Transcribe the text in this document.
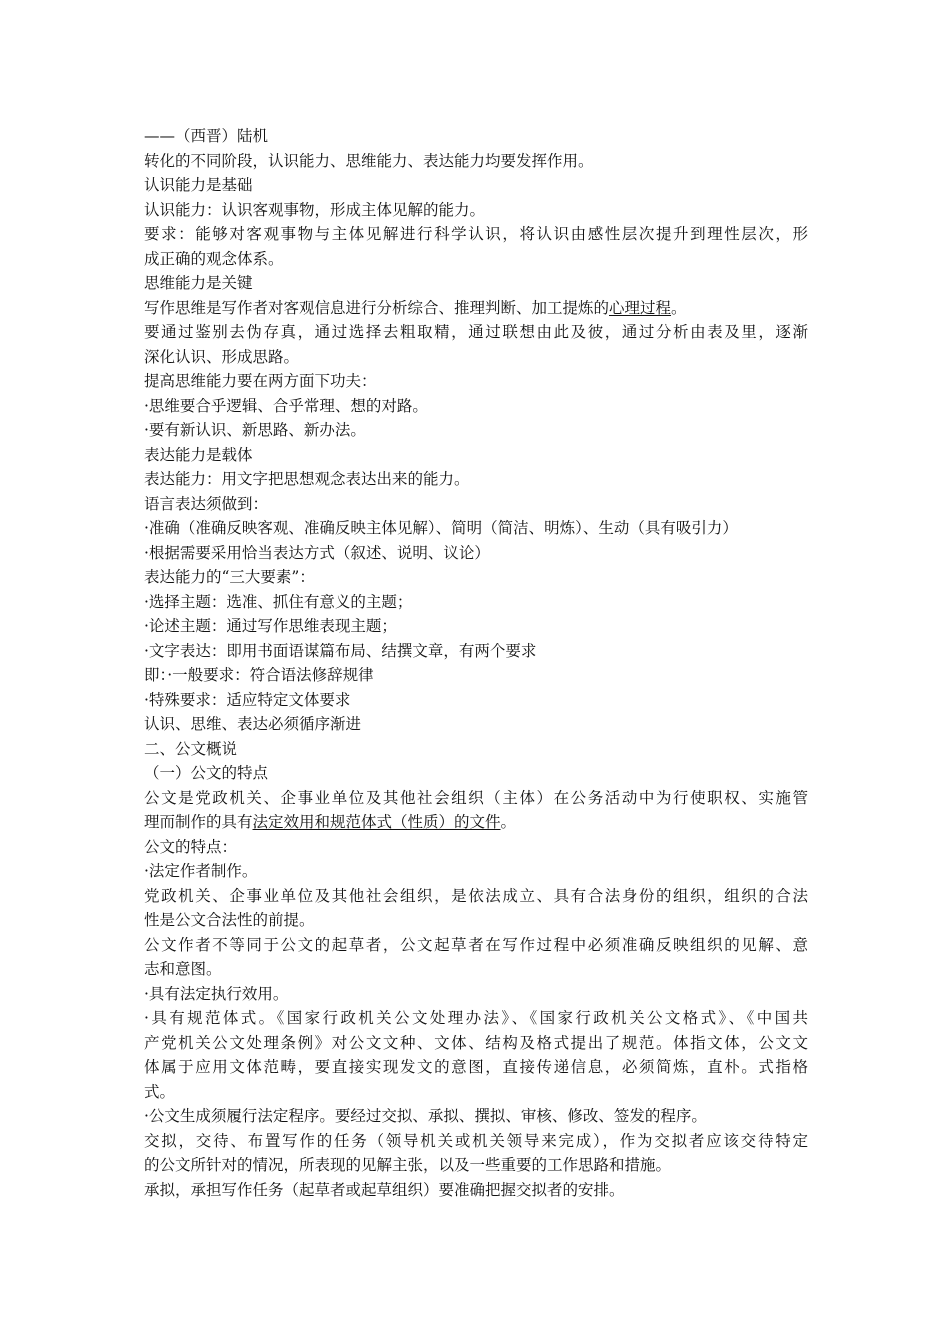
——（西晋）陆机
转化的不同阶段，认识能力、思维能力、表达能力均要发挥作用。
认识能力是基础
认识能力：认识客观事物，形成主体见解的能力。
要求：能够对客观事物与主体见解进行科学认识，将认识由感性层次提升到理性层次，形
成正确的观念体系。
思维能力是关键
写作思维是写作者对客观信息进行分析综合、推理判断、加工提炼的心理过程。
要通过鉴别去伪存真，通过选择去粗取精，通过联想由此及彼，通过分析由表及里，逐渐
深化认识、形成思路。
提高思维能力要在两方面下功夫：
·思维要合乎逻辑、合乎常理、想的对路。
·要有新认识、新思路、新办法。
表达能力是载体
表达能力：用文字把思想观念表达出来的能力。
语言表达须做到：
·准确（准确反映客观、准确反映主体见解）、简明（简洁、明炼）、生动（具有吸引力）
·根据需要采用恰当表达方式（叙述、说明、议论）
表达能力的“三大要素”：
·选择主题：选准、抓住有意义的主题；
·论述主题：通过写作思维表现主题；
·文字表达：即用书面语谋篇布局、结撰文章，有两个要求
即：·一般要求：符合语法修辞规律
·特殊要求：适应特定文体要求
认识、思维、表达必须循序渐进
二、公文概说
（一）公文的特点
公文是党政机关、企事业单位及其他社会组织（主体）在公务活动中为行使职权、实施管
理而制作的具有法定效用和规范体式（性质）的文件。
公文的特点：
·法定作者制作。
党政机关、企事业单位及其他社会组织，是依法成立、具有合法身份的组织，组织的合法
性是公文合法性的前提。
公文作者不等同于公文的起草者，公文起草者在写作过程中必须准确反映组织的见解、意
志和意图。
·具有法定执行效用。
·具有规范体式。《国家行政机关公文处理办法》、《国家行政机关公文格式》、《中国共
产党机关公文处理条例》对公文文种、文体、结构及格式提出了规范。体指文体，公文文
体属于应用文体范畴，要直接实现发文的意图，直接传递信息，必须简炼，直朴。式指格
式。
·公文生成须履行法定程序。要经过交拟、承拟、撰拟、审核、修改、签发的程序。
交拟，交待、布置写作的任务（领导机关或机关领导来完成），作为交拟者应该交待特定
的公文所针对的情况，所表现的见解主张，以及一些重要的工作思路和措施。
承拟，承担写作任务（起草者或起草组织）要准确把握交拟者的安排。
